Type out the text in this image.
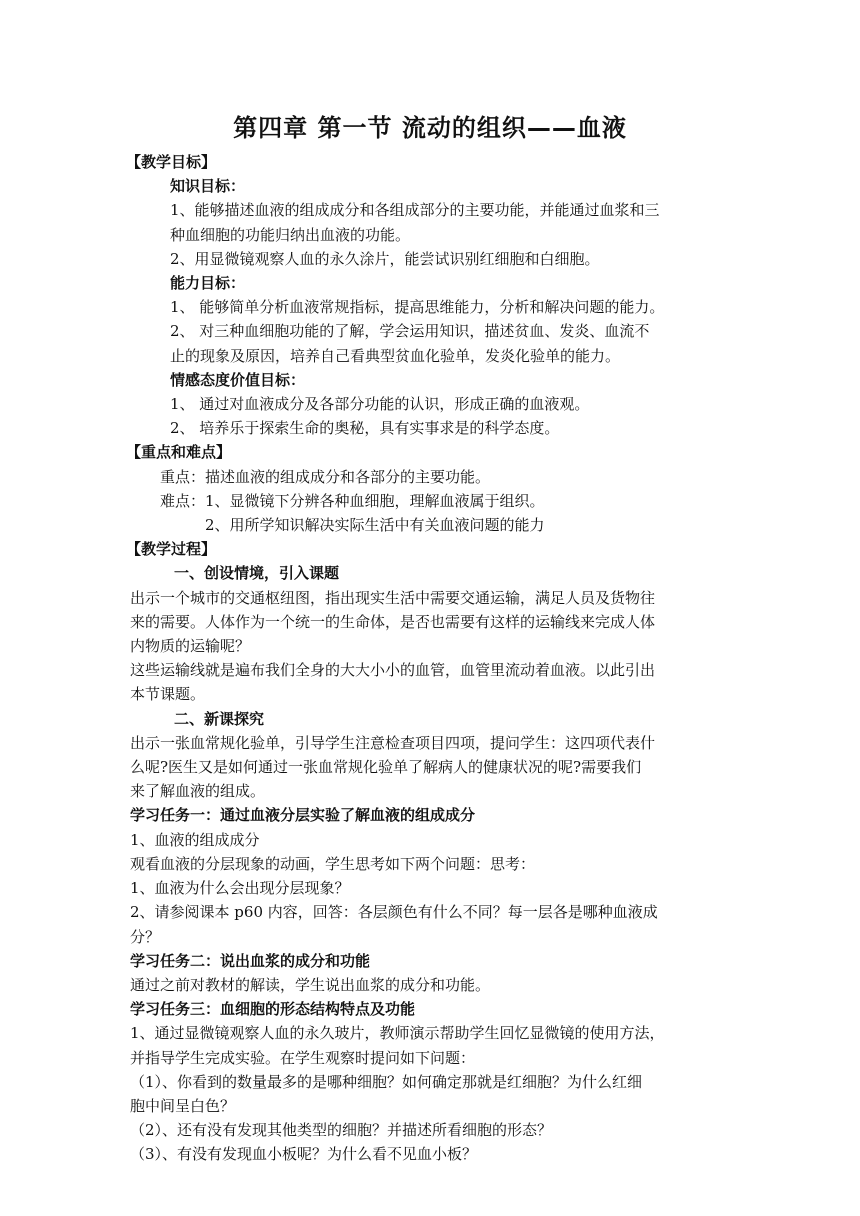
第四章 第一节 流动的组织——血液

【教学目标】

知识目标：

1、能够描述血液的组成成分和各组成部分的主要功能，并能通过血浆和三

种血细胞的功能归纳出血液的功能。

2、用显微镜观察人血的永久涂片，能尝试识别红细胞和白细胞。

能力目标：

1、 能够简单分析血液常规指标，提高思维能力，分析和解决问题的能力。

2、 对三种血细胞功能的了解，学会运用知识，描述贫血、发炎、血流不

止的现象及原因，培养自己看典型贫血化验单，发炎化验单的能力。

情感态度价值目标：

1、 通过对血液成分及各部分功能的认识，形成正确的血液观。

2、 培养乐于探索生命的奥秘，具有实事求是的科学态度。

【重点和难点】

重点：描述血液的组成成分和各部分的主要功能。

难点：1、显微镜下分辨各种血细胞，理解血液属于组织。

2、用所学知识解决实际生活中有关血液问题的能力

【教学过程】

一、创设情境，引入课题

出示一个城市的交通枢纽图，指出现实生活中需要交通运输，满足人员及货物往

来的需要。人体作为一个统一的生命体，是否也需要有这样的运输线来完成人体

内物质的运输呢？

这些运输线就是遍布我们全身的大大小小的血管，血管里流动着血液。以此引出

本节课题。

二、新课探究

出示一张血常规化验单，引导学生注意检查项目四项，提问学生：这四项代表什

么呢?医生又是如何通过一张血常规化验单了解病人的健康状况的呢?需要我们

来了解血液的组成。

学习任务一：通过血液分层实验了解血液的组成成分

1、血液的组成成分

观看血液的分层现象的动画，学生思考如下两个问题：思考：

1、血液为什么会出现分层现象？

2、请参阅课本 p60 内容，回答：各层颜色有什么不同？每一层各是哪种血液成

分？

学习任务二：说出血浆的成分和功能

通过之前对教材的解读，学生说出血浆的成分和功能。

学习任务三：血细胞的形态结构特点及功能

1、通过显微镜观察人血的永久玻片，教师演示帮助学生回忆显微镜的使用方法，

并指导学生完成实验。在学生观察时提问如下问题：

（1）、你看到的数量最多的是哪种细胞？如何确定那就是红细胞？为什么红细

胞中间呈白色？

（2）、还有没有发现其他类型的细胞？并描述所看细胞的形态？

（3）、有没有发现血小板呢？为什么看不见血小板？
